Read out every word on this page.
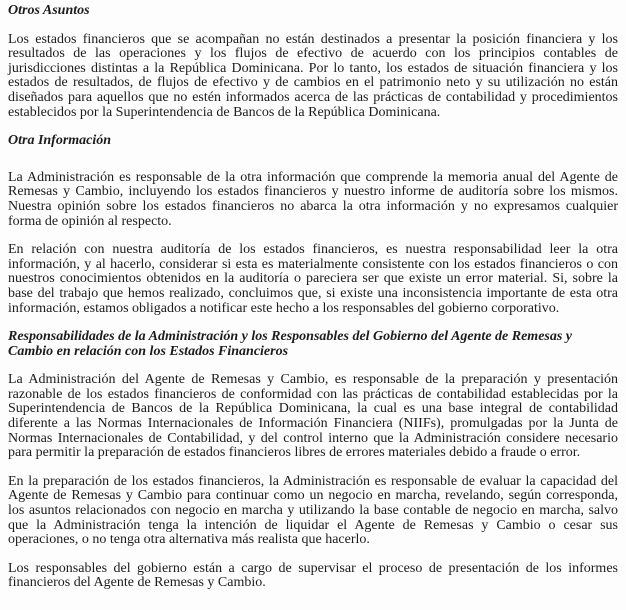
Otros Asuntos

Los estados financieros que se acompañan no están destinados a presentar la posición financiera y los resultados de las operaciones y los flujos de efectivo de acuerdo con los principios contables de jurisdicciones distintas a la República Dominicana. Por lo tanto, los estados de situación financiera y los estados de resultados, de flujos de efectivo y de cambios en el patrimonio neto y su utilización no están diseñados para aquellos que no estén informados acerca de las prácticas de contabilidad y procedimientos establecidos por la Superintendencia de Bancos de la República Dominicana.

Otra Información

La Administración es responsable de la otra información que comprende la memoria anual del Agente de Remesas y Cambio, incluyendo los estados financieros y nuestro informe de auditoría sobre los mismos. Nuestra opinión sobre los estados financieros no abarca la otra información y no expresamos cualquier forma de opinión al respecto.

En relación con nuestra auditoría de los estados financieros, es nuestra responsabilidad leer la otra información, y al hacerlo, considerar si esta es materialmente consistente con los estados financieros o con nuestros conocimientos obtenidos en la auditoría o pareciera ser que existe un error material. Si, sobre la base del trabajo que hemos realizado, concluimos que, si existe una inconsistencia importante de esta otra información, estamos obligados a notificar este hecho a los responsables del gobierno corporativo.

Responsabilidades de la Administración y los Responsables del Gobierno del Agente de Remesas y Cambio en relación con los Estados Financieros

La Administración del Agente de Remesas y Cambio, es responsable de la preparación y presentación razonable de los estados financieros de conformidad con las prácticas de contabilidad establecidas por la Superintendencia de Bancos de la República Dominicana, la cual es una base integral de contabilidad diferente a las Normas Internacionales de Información Financiera (NIIFs), promulgadas por la Junta de Normas Internacionales de Contabilidad, y del control interno que la Administración considere necesario para permitir la preparación de estados financieros libres de errores materiales debido a fraude o error.

En la preparación de los estados financieros, la Administración es responsable de evaluar la capacidad del Agente de Remesas y Cambio para continuar como un negocio en marcha, revelando, según corresponda, los asuntos relacionados con negocio en marcha y utilizando la base contable de negocio en marcha, salvo que la Administración tenga la intención de liquidar el Agente de Remesas y Cambio o cesar sus operaciones, o no tenga otra alternativa más realista que hacerlo.

Los responsables del gobierno están a cargo de supervisar el proceso de presentación de los informes financieros del Agente de Remesas y Cambio.
